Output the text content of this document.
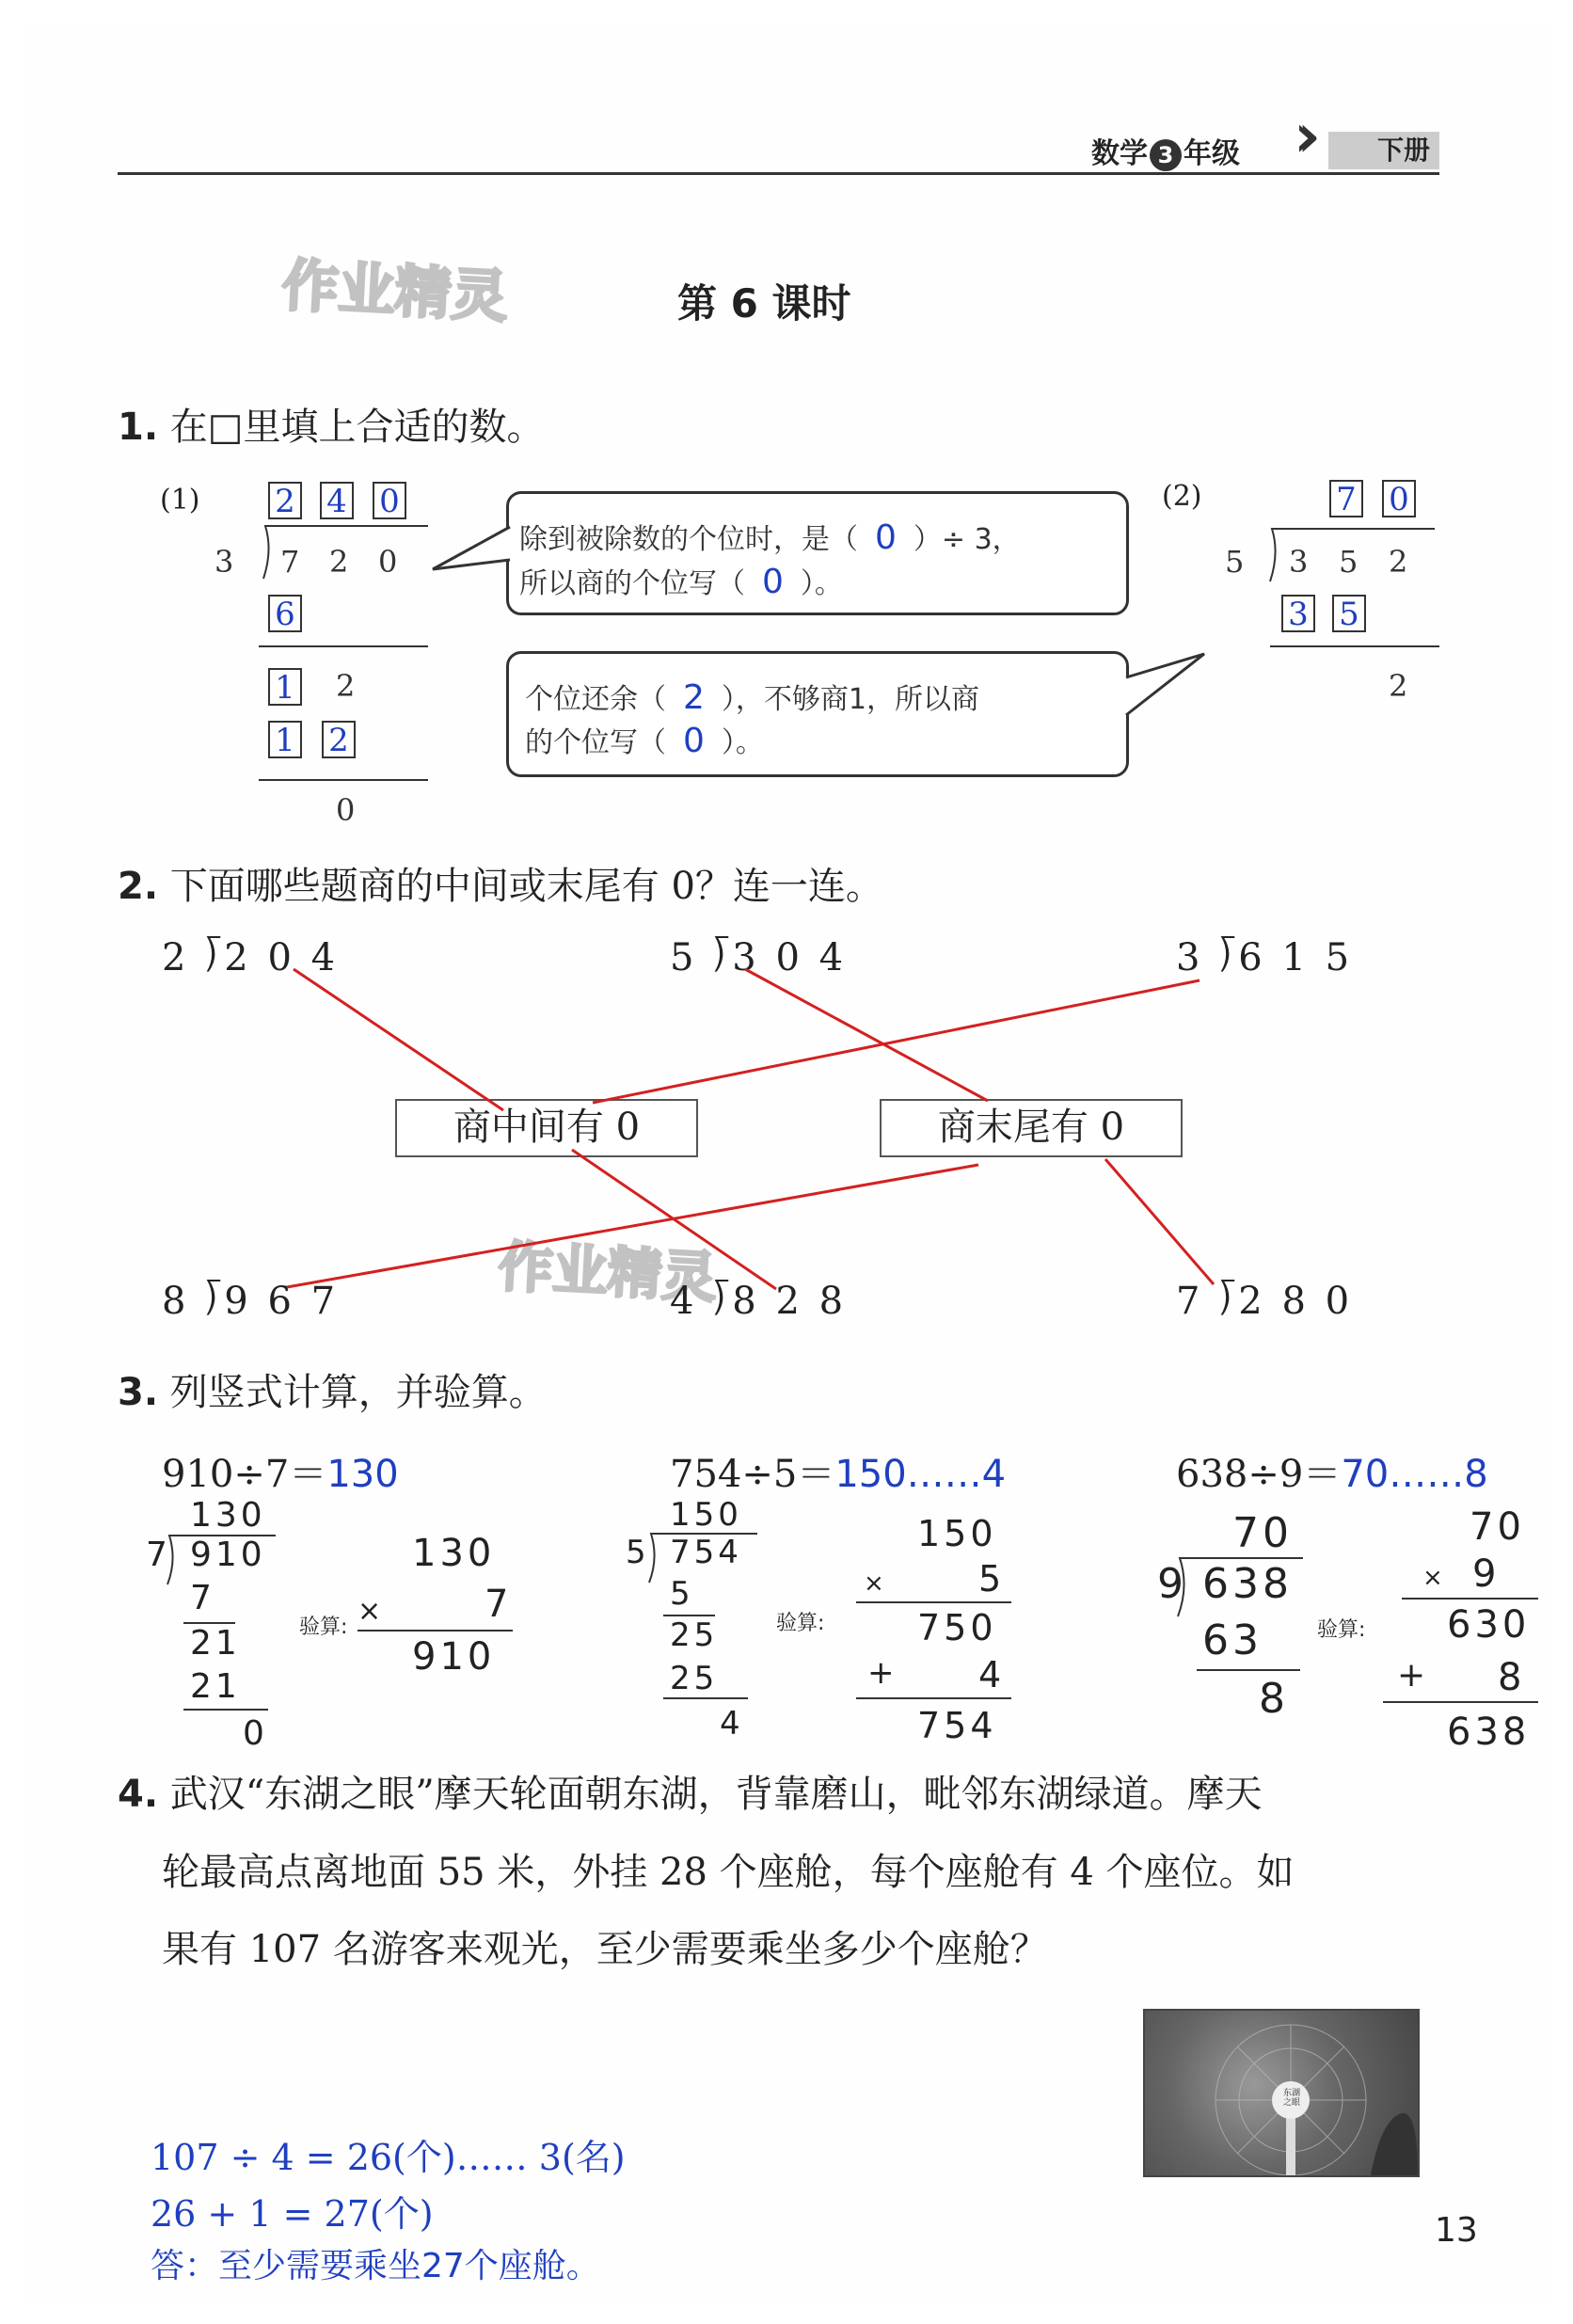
数学 3 年级 ››	下册
作业精灵
作业精灵
第 6 课时
1. 在□里填上合适的数。
(1) 2 4 0
3 7 2 0
6
1 2
1 2
0
除到被除数的个位时，是（ 0 ）÷ 3，
所以商的个位写（ 0 ）。
个位还余（ 2 ），不够商1，所以商
的个位写（ 0 ）。
(2)	7 0
5 3 5 2
3 5
2
2. 下面哪些题商的中间或末尾有 0？连一连。
2 ⟌2 0 4	5 ⟌3 0 4	3 ⟌6 1 5
商中间有 0	商末尾有 0
8 ⟌9 6 7	4 ⟌8 2 8	7 ⟌2 8 0
3. 列竖式计算，并验算。
910÷7＝130
130
7 910
7
21
21
0
验算:
130
×	7
910
754÷5＝150……4
150
5 754
5
25
25
4
验算:
150
×	5
750
+ 4
754
638÷9＝70……8
70
9 638
63
8
验算:
70
× 9
630
+ 8
638
4. 武汉“东湖之眼”摩天轮面朝东湖，背靠磨山，毗邻东湖绿道。摩天
轮最高点离地面 55 米，外挂 28 个座舱，每个座舱有 4 个座位。如
果有 107 名游客来观光，至少需要乘坐多少个座舱？
东湖之眼
107 ÷ 4 = 26(个)…… 3(名)
26 + 1 = 27(个)
答：至少需要乘坐27个座舱。
13
